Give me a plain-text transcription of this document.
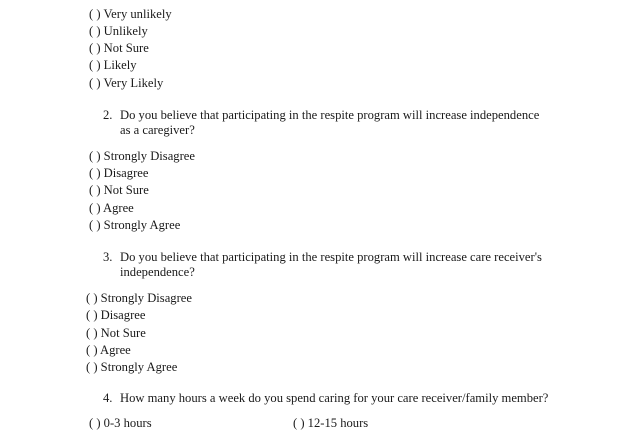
( ) Very unlikely
( ) Unlikely
( ) Not Sure
( ) Likely
( ) Very Likely
2. Do you believe that participating in the respite program will increase independence
as a caregiver?
( ) Strongly Disagree
( ) Disagree
( ) Not Sure
( ) Agree
( ) Strongly Agree
3. Do you believe that participating in the respite program will increase care receiver's
independence?
( ) Strongly Disagree
( ) Disagree
( ) Not Sure
( ) Agree
( ) Strongly Agree
4. How many hours a week do you spend caring for your care receiver/family member?
( ) 0-3 hours	( ) 12-15 hours
